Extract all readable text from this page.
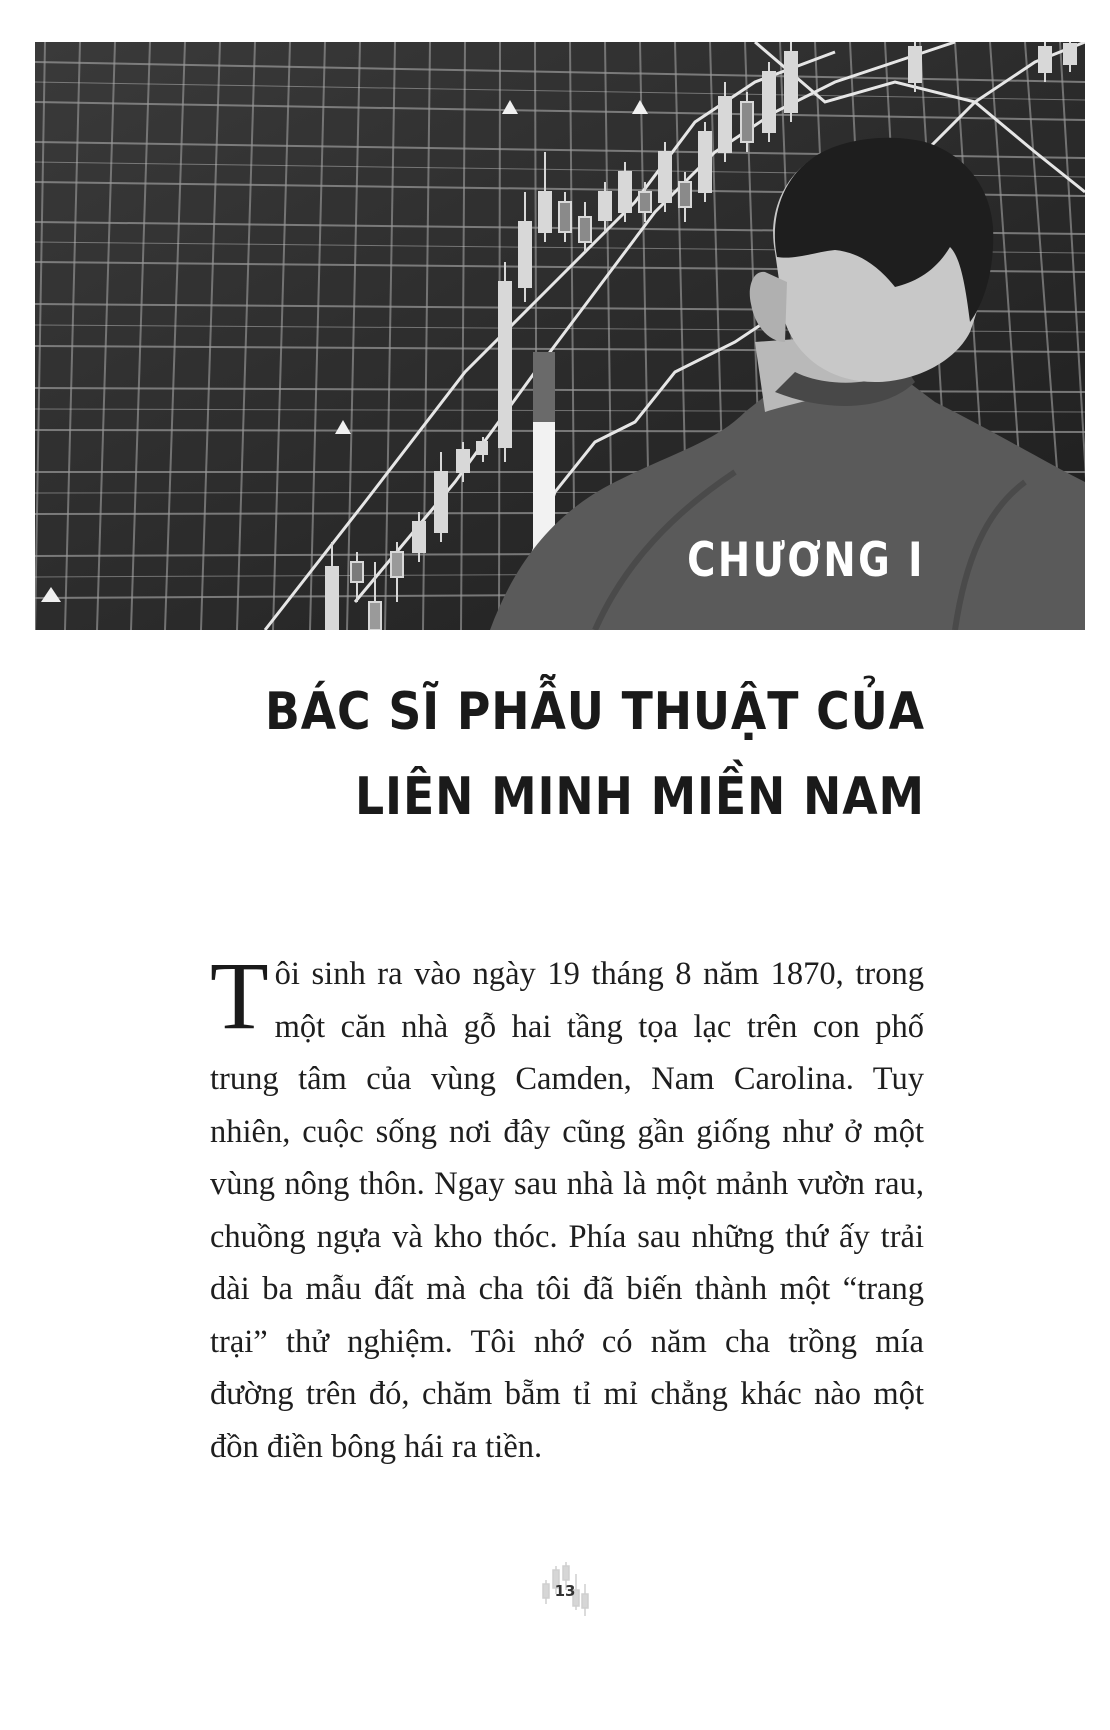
CHƯƠNG I
BÁC SĨ PHẪU THUẬT CỦA
LIÊN MINH MIỀN NAM
Tôi sinh ra vào ngày 19 tháng 8 năm 1870, trong một căn nhà gỗ hai tầng tọa lạc trên con phố trung tâm của vùng Camden, Nam Carolina. Tuy nhiên, cuộc sống nơi đây cũng gần giống như ở một vùng nông thôn. Ngay sau nhà là một mảnh vườn rau, chuồng ngựa và kho thóc. Phía sau những thứ ấy trải dài ba mẫu đất mà cha tôi đã biến thành một “trang trại” thử nghiệm. Tôi nhớ có năm cha trồng mía đường trên đó, chăm bẵm tỉ mỉ chẳng khác nào một đồn điền bông hái ra tiền.
13
